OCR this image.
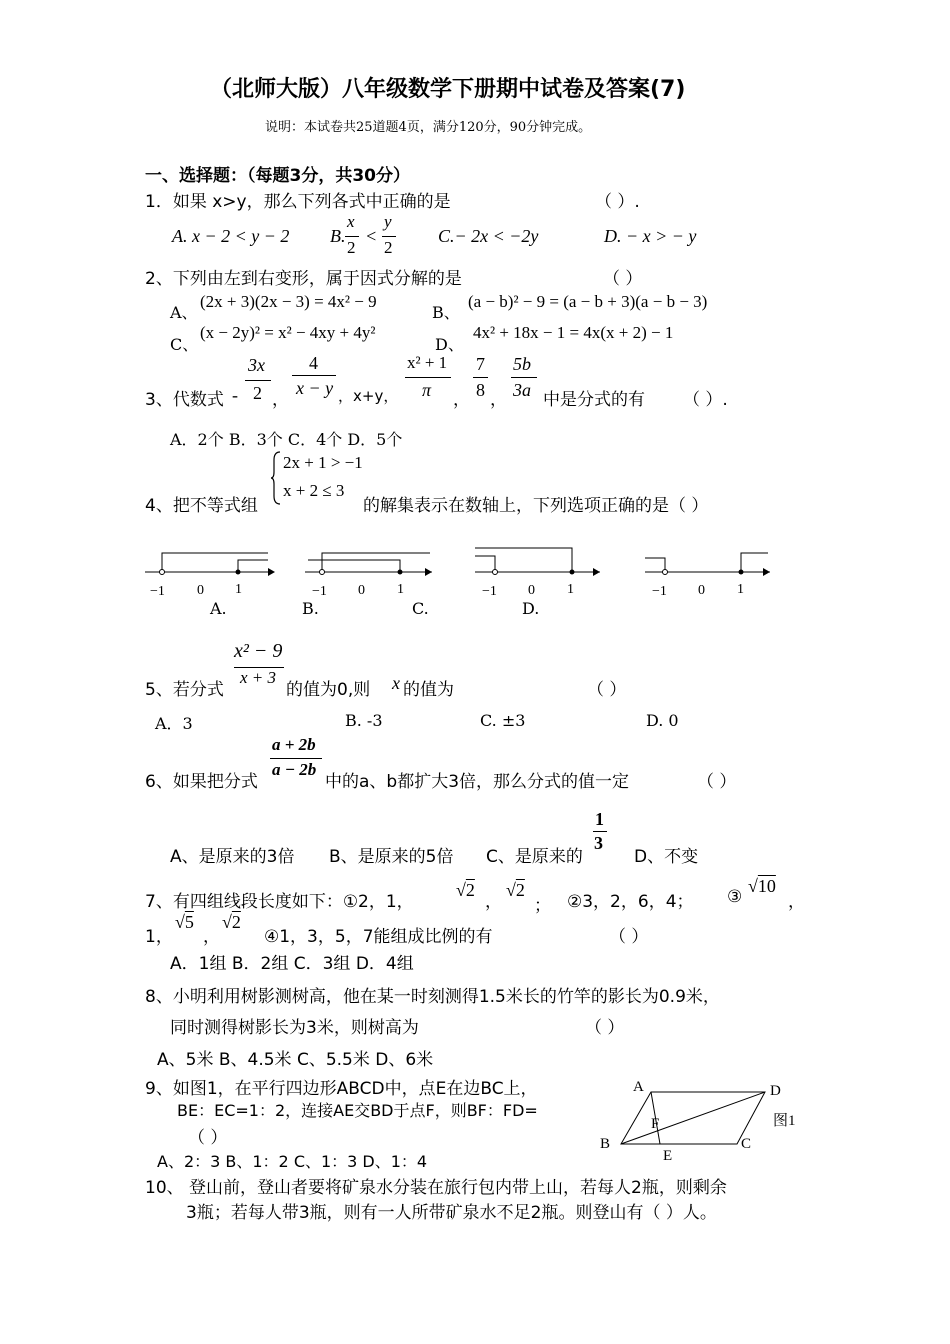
（北师大版）八年级数学下册期中试卷及答案(7)
说明：本试卷共25道题4页，满分120分，90分钟完成。
一、选择题：（每题3分，共30分）
1．如果 x>y，那么下列各式中正确的是	（ ）.
A. x − 2 < y − 2 B.
x
2
<
y
2
C.− 2x < −2y	D. − x > − y
2、下列由左到右变形，属于因式分解的是	（ ）
A、
(2x + 3)(2x − 3) = 4x² − 9
B、
(a − b)² − 9 = (a − b + 3)(a − b − 3)
C、
(x − 2y)² = x² − 4xy + 4y²
D、
4x² + 18x − 1 = 4x(x + 2) − 1
3、代数式 -
3x
2 ，
4
x − y ，x+y，
x² + 1
π ，
7
8 ，
5b
3a 中是分式的有 （ ）.
A．2个 B．3个 C．4个 D．5个
4、把不等式组
2x + 1 > −1
x + 2 ≤ 3
的解集表示在数轴上，下列选项正确的是（ ）
−1 0 1	−1 0 1	−1 0 1	−1 0 1
A.	B.	C.	D.
5、若分式
x² − 9
x + 3
的值为0,则 x 的值为	（ ）
A．3	B. -3	C. ±3	D. 0
6、如果把分式
a + 2b
a − 2b
中的a、b都扩大3倍，那么分式的值一定	（ ）
A、是原来的3倍 B、是原来的5倍 C、是原来的
1
3
D、不变
7、有四组线段长度如下：①2，1，
√2
，
√2
； ②3，2，6，4； ③
√10
，
1，
√5
，
√2
④1，3，5，7能组成比例的有	（ ）
A．1组 B．2组 C．3组 D．4组
8、小明利用树影测树高，他在某一时刻测得1.5米长的竹竿的影长为0.9米，
同时测得树影长为3米，则树高为	（ ）
A、5米 B、4.5米 C、5.5米 D、6米
9、如图1，在平行四边形ABCD中，点E在边BC上，
BE：EC=1：2，连接AE交BD于点F，则BF：FD=
（ ）
A、2：3 B、1：2 C、1：3 D、1：4
A	D
B	C
E
F	图1
10、 登山前，登山者要将矿泉水分装在旅行包内带上山，若每人2瓶，则剩余
3瓶；若每人带3瓶，则有一人所带矿泉水不足2瓶。则登山有（ ）人。
